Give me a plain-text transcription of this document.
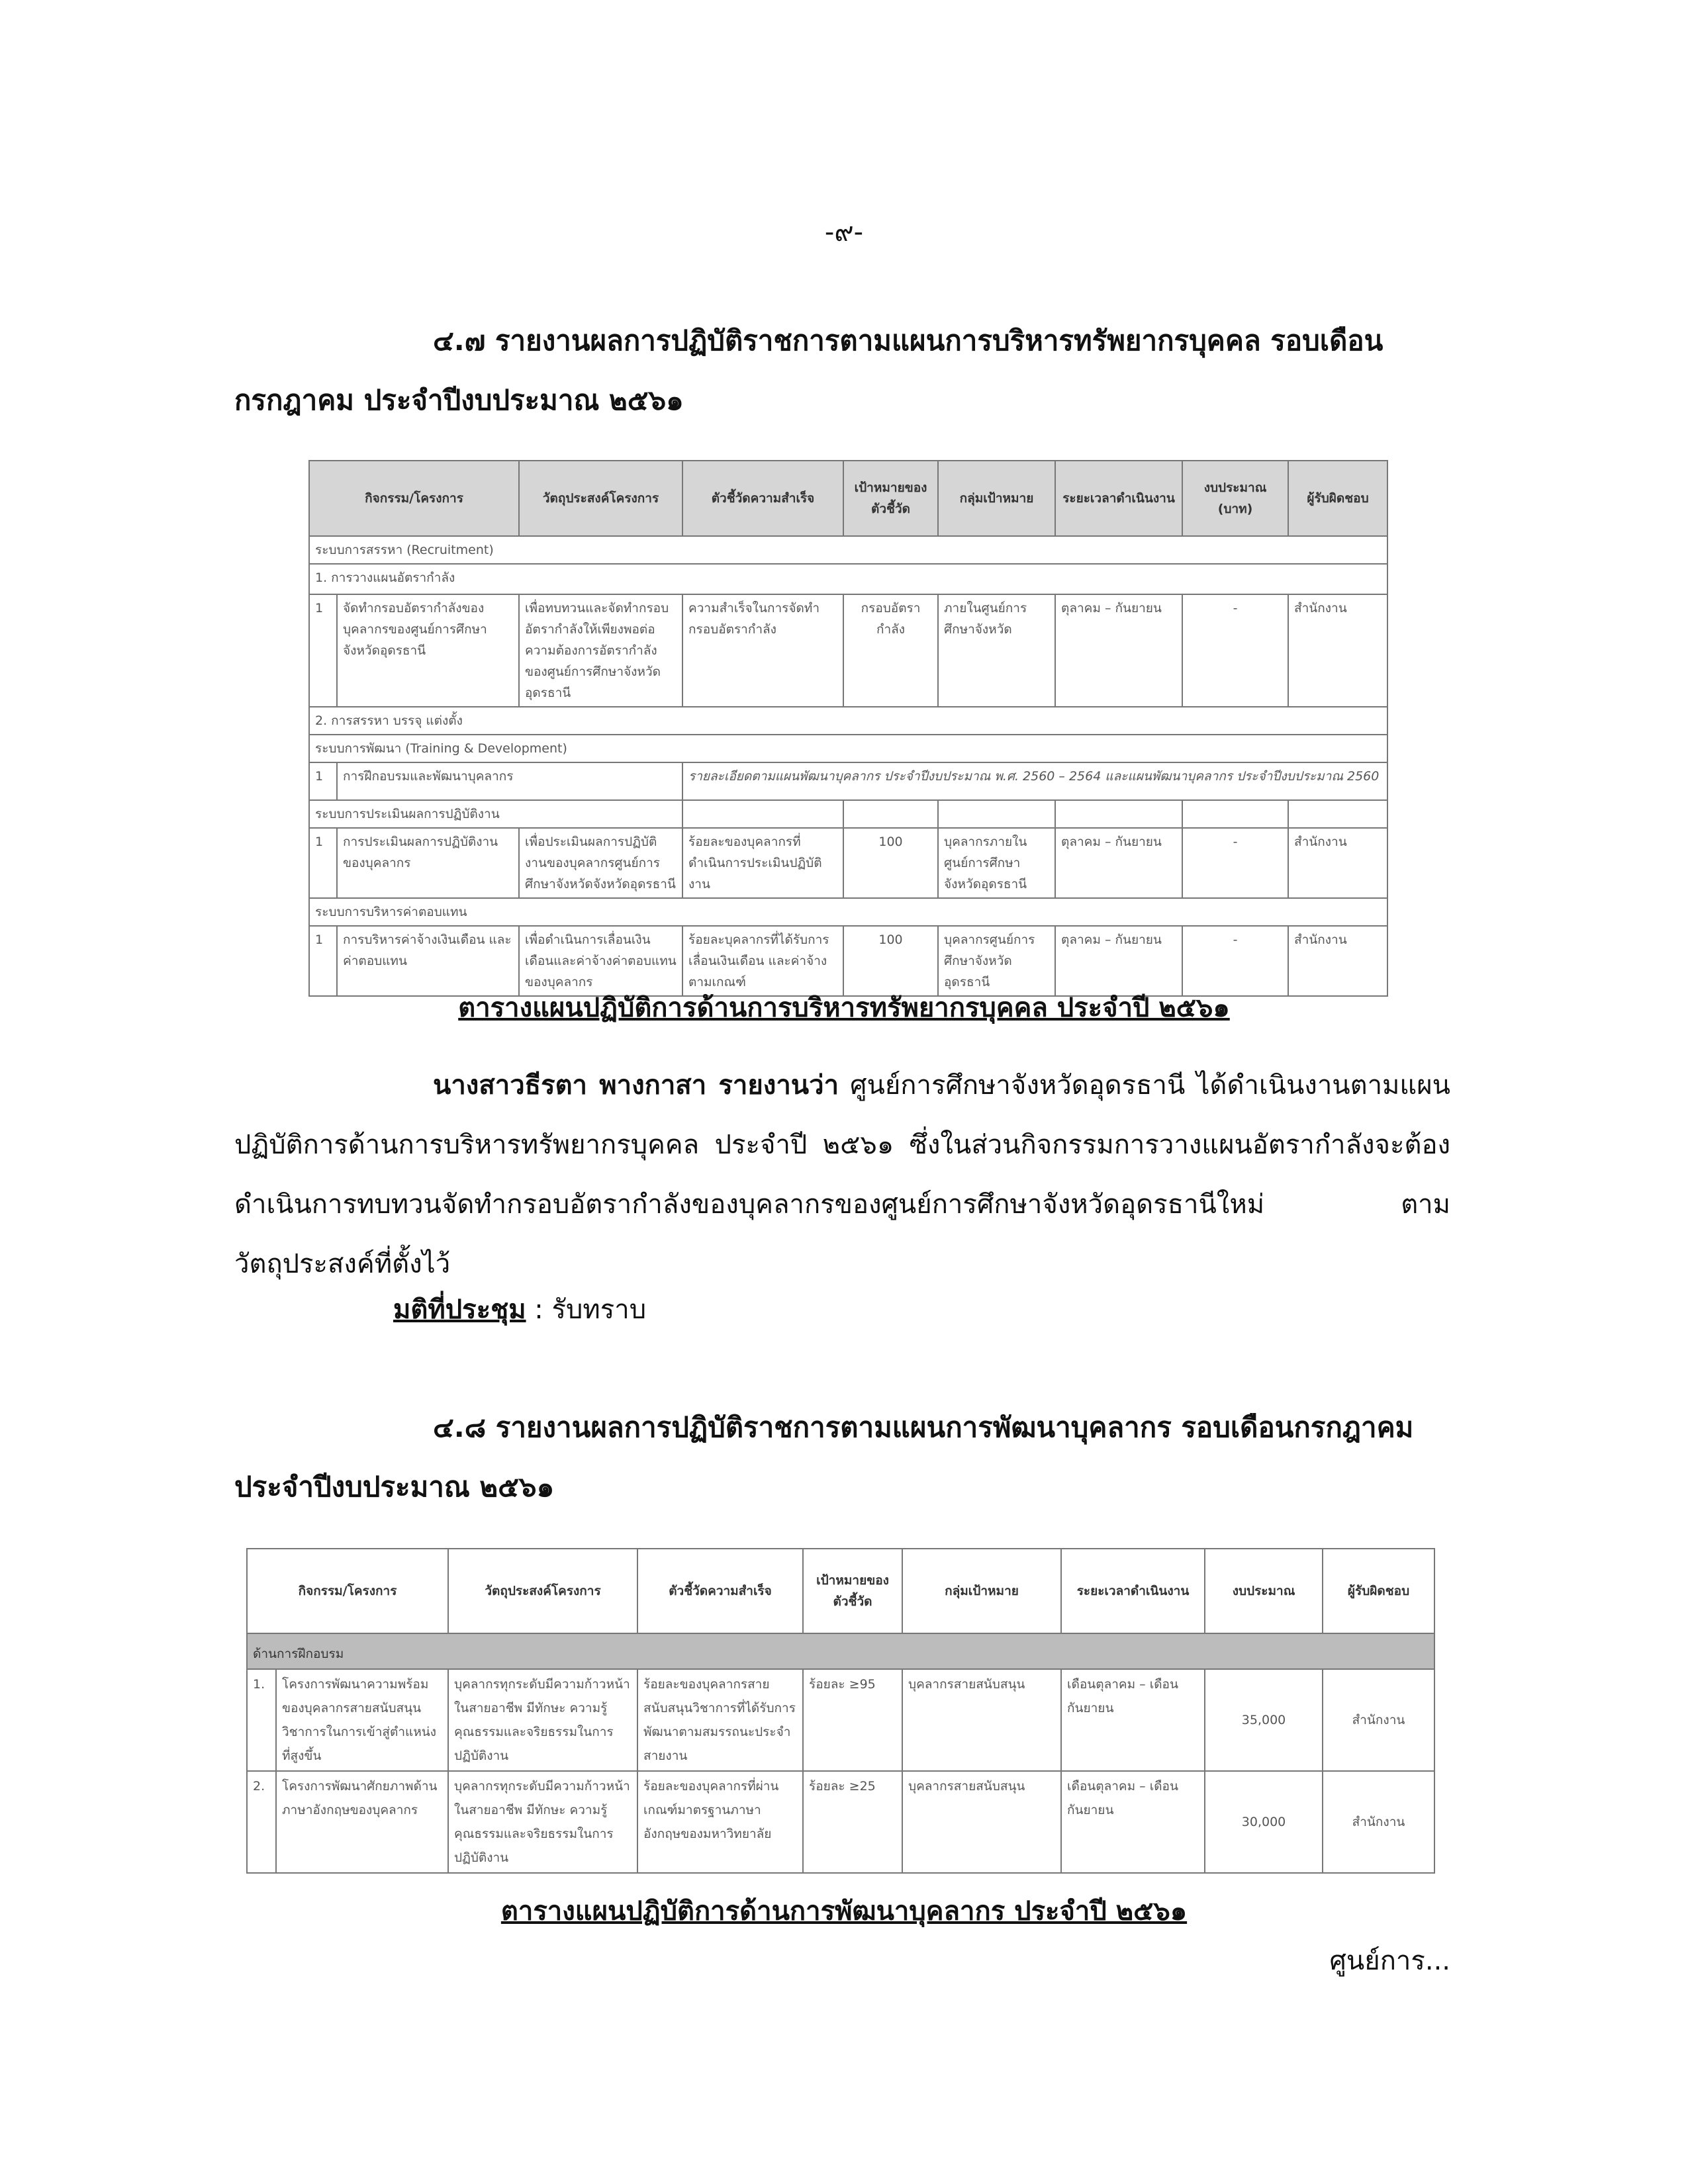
-๙-
๔.๗ รายงานผลการปฏิบัติราชการตามแผนการบริหารทรัพยากรบุคคล รอบเดือนกรกฎาคม ประจำปีงบประมาณ ๒๕๖๑
กิจกรรม/โครงการ		วัตถุประสงค์โครงการ	ตัวชี้วัดความสำเร็จ	เป้าหมายของตัวชี้วัด	กลุ่มเป้าหมาย	ระยะเวลาดำเนินงาน	งบประมาณ (บาท)	ผู้รับผิดชอบ
ระบบการสรรหา (Recruitment)								
1. การวางแผนอัตรากำลัง								
1	จัดทำกรอบอัตรากำลังของบุคลากรของศูนย์การศึกษาจังหวัดอุดรธานี	เพื่อทบทวนและจัดทำกรอบอัตรากำลังให้เพียงพอต่อความต้องการอัตรากำลังของศูนย์การศึกษาจังหวัดอุดรธานี	ความสำเร็จในการจัดทำกรอบอัตรากำลัง	กรอบอัตรากำลัง	ภายในศูนย์การศึกษาจังหวัด	ตุลาคม – กันยายน	-	สำนักงาน
2. การสรรหา บรรจุ แต่งตั้ง								
ระบบการพัฒนา (Training & Development)								
1	การฝึกอบรมและพัฒนาบุคลากร		รายละเอียดตามแผนพัฒนาบุคลากร ประจำปีงบประมาณ พ.ศ. 2560 – 2564 และแผนพัฒนาบุคลากร ประจำปีงบประมาณ 2560					
ระบบการประเมินผลการปฏิบัติงาน								
1	การประเมินผลการปฏิบัติงานของบุคลากร	เพื่อประเมินผลการปฏิบัติงานของบุคลากรศูนย์การศึกษาจังหวัดจังหวัดอุดรธานี	ร้อยละของบุคลากรที่ดำเนินการประเมินปฏิบัติงาน	100	บุคลากรภายในศูนย์การศึกษาจังหวัดอุดรธานี	ตุลาคม – กันยายน	-	สำนักงาน
ระบบการบริหารค่าตอบแทน								
1	การบริหารค่าจ้างเงินเดือน และค่าตอบแทน	เพื่อดำเนินการเลื่อนเงินเดือนและค่าจ้างค่าตอบแทนของบุคลากร	ร้อยละบุคลากรที่ได้รับการเลื่อนเงินเดือน และค่าจ้างตามเกณฑ์	100	บุคลากรศูนย์การศึกษาจังหวัดอุดรธานี	ตุลาคม – กันยายน	-	สำนักงาน
ตารางแผนปฏิบัติการด้านการบริหารทรัพยากรบุคคล ประจำปี ๒๕๖๑
นางสาวธีรตา พางกาสา รายงานว่า ศูนย์การศึกษาจังหวัดอุดรธานี ได้ดำเนินงานตามแผนปฏิบัติการด้านการบริหารทรัพยากรบุคคล ประจำปี ๒๕๖๑ ซึ่งในส่วนกิจกรรมการวางแผนอัตรากำลังจะต้องดำเนินการทบทวนจัดทำกรอบอัตรากำลังของบุคลากรของศูนย์การศึกษาจังหวัดอุดรธานีใหม่ ตามวัตถุประสงค์ที่ตั้งไว้
มติที่ประชุม : รับทราบ
๔.๘ รายงานผลการปฏิบัติราชการตามแผนการพัฒนาบุคลากร รอบเดือนกรกฎาคม ประจำปีงบประมาณ ๒๕๖๑
กิจกรรม/โครงการ		วัตถุประสงค์โครงการ	ตัวชี้วัดความสำเร็จ	เป้าหมายของตัวชี้วัด	กลุ่มเป้าหมาย	ระยะเวลาดำเนินงาน	งบประมาณ	ผู้รับผิดชอบ
ด้านการฝึกอบรม								
1.	โครงการพัฒนาความพร้อมของบุคลากรสายสนับสนุนวิชาการในการเข้าสู่ตำแหน่งที่สูงขึ้น	บุคลากรทุกระดับมีความก้าวหน้าในสายอาชีพ มีทักษะ ความรู้ คุณธรรมและจริยธรรมในการปฏิบัติงาน	ร้อยละของบุคลากรสายสนับสนุนวิชาการที่ได้รับการพัฒนาตามสมรรถนะประจำสายงาน	ร้อยละ ≥95	บุคลากรสายสนับสนุน	เดือนตุลาคม – เดือนกันยายน	35,000	สำนักงาน
2.	โครงการพัฒนาศักยภาพด้านภาษาอังกฤษของบุคลากร	บุคลากรทุกระดับมีความก้าวหน้าในสายอาชีพ มีทักษะ ความรู้ คุณธรรมและจริยธรรมในการปฏิบัติงาน	ร้อยละของบุคลากรที่ผ่านเกณฑ์มาตรฐานภาษาอังกฤษของมหาวิทยาลัย	ร้อยละ ≥25	บุคลากรสายสนับสนุน	เดือนตุลาคม – เดือนกันยายน	30,000	สำนักงาน
ตารางแผนปฏิบัติการด้านการพัฒนาบุคลากร ประจำปี ๒๕๖๑
ศูนย์การ...
